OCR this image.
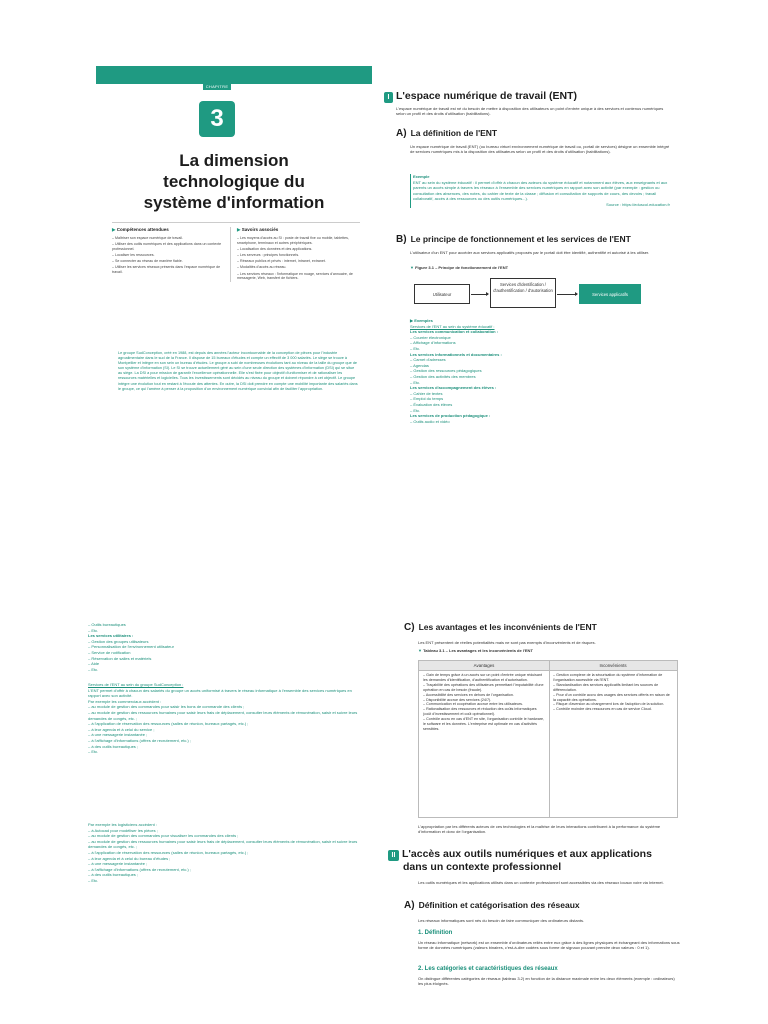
CHAPITRE
3
La dimension
technologique du
système d'information
▶ Compétences attendues
– Maîtriser son espace numérique de travail.
– Utiliser des outils numériques et des applications dans un contexte professionnel.
– Localiser les ressources.
– Se connecter au réseau de manière fiable.
– Utiliser les services réseaux présents dans l'espace numérique de travail.
▶ Savoirs associés
– Les moyens d'accès au SI : poste de travail fixe ou mobile, tablettes, smartphone, terminaux et autres périphériques.
– Localisation des données et des applications.
– Les serveurs : principes fonctionnels.
– Réseaux publics et privés : internet, intranet, extranet.
– Modalités d'accès au réseau.
– Les services réseaux : l'informatique en nuage, services d'annuaire, de messagerie, Web, transfert de fichiers.

Le groupe SudConception, créé en 1988, est depuis des années l'acteur incontournable de la conception de pièces pour l'industrie agroalimentaire dans le sud de la France. Il dispose de 15 bureaux d'études et compte un effectif de 3 000 salariés. Le siège se trouve à Montpellier et intègre en son sein un bureau d'études. Le groupe a subi de nombreuses évolutions tant au niveau de la taille du groupe que de son système d'information (SI). Le SI se trouve actuellement géré au sein d'une seule direction des systèmes d'information (DSI) qui se situe au siège. La DSI a pour mission de garantir l'excellence opérationnelle. Elle s'est fixée pour objectif d'uniformiser et de rationaliser les ressources matérielles et logicielles. Tous les investissements sont décidés au niveau du groupe et doivent répondre à cet objectif. Le groupe intègre une évolution tout en restant à l'écoute des attentes. En outre, la DSI doit prendre en compte une mobilité importante des salariés dans le groupe, ce qui l'amène à penser à la proposition d'un environnement numérique convivial afin de faciliter l'appropriation.

I L'espace numérique de travail (ENT)

L'espace numérique de travail est né du besoin de mettre à disposition des utilisateurs un point d'entrée unique à des services et contenus numériques selon un profil et des droits d'utilisation (habilitations).

A) La définition de l'ENT

Un espace numérique de travail (ENT) (ou bureau virtuel environnement numérique de travail ou, portail de services) désigne un ensemble intégré de services numériques mis à la disposition des utilisateurs selon un profil et des droits d'utilisation (habilitations).

Exemple

ENT au sein du système éducatif : il permet d'offrir à chacun des acteurs du système éducatif et notamment aux élèves, aux enseignants et aux parents un accès simple à travers les réseaux à l'ensemble des services numériques en rapport avec son activité (par exemple : gestion ou consultation des absences, des notes, du cahier de texte de la classe ; diffusion et consultation de supports de cours, des devoirs ; travail collaboratif, accès à des ressources ou des outils numériques...).

Source : https://eduscol.education.fr

B) Le principe de fonctionnement et les services de l'ENT

L'utilisateur d'un ENT pour accéder aux services applicatifs proposés par le portail doit être identifié, authentifié et autorisé à les utiliser.

▼ Figure 3.1 – Principe de fonctionnement de l'ENT
Utilisateur
Services d'identification / d'authentification / d'autorisation
Services applicatifs
▶ Exemples
Services de l'ENT au sein du système éducatif :
Les services communication et collaboration :
– Courrier électronique
– Affichage d'informations
– Etc.
Les services informationnels et documentaires :
– Carnet d'adresses
– Agendas
– Gestion des ressources pédagogiques
– Gestion des activités des membres
– Etc.
Les services d'accompagnement des élèves :
– Cahier de textes
– Emploi du temps
– Évaluation des élèves
– Etc.
Les services de production pédagogique :
– Outils audio et vidéo
– Outils bureautiques
– Etc.
Les services utilitaires :
– Gestion des groupes utilisateurs
– Personnalisation de l'environnement utilisateur
– Service de notification
– Réservation de salles et matériels
– Aide
– Etc.
Services de l'ENT au sein du groupe SudConception :
L'ENT permet d'offrir à chacun des salariés du groupe un accès uniformisé à travers le réseau informatique à l'ensemble des services numériques en rapport avec son activité.
Par exemple les commerciaux accèdent :
– au module de gestion des commandes pour saisir les bons de commande des clients ;
– au module de gestion des ressources humaines pour saisir leurs frais de déplacement, consulter leurs éléments de rémunération, saisir et suivre leurs demandes de congés, etc. ;
– à l'application de réservation des ressources (salles de réunion, bureaux partagés, etc.) ;
– à leur agenda et à celui du service ;
– à une messagerie instantanée ;
– à l'affichage d'informations (offres de recrutement, etc.) ;
– à des outils bureautiques ;
– Etc.
Par exemple les logisticiens accèdent :
– à Autocad pour modéliser les pièces ;
– au module de gestion des commandes pour visualiser les commandes des clients ;
– au module de gestion des ressources humaines pour saisir leurs frais de déplacement, consulter leurs éléments de rémunération, saisir et suivre leurs demandes de congés, etc. ;
– à l'application de réservation des ressources (salles de réunion, bureaux partagés, etc.) ;
– à leur agenda et à celui du bureau d'études ;
– à une messagerie instantanée ;
– à l'affichage d'informations (offres de recrutement, etc.) ;
– à des outils bureautiques ;
– Etc.
C) Les avantages et les inconvénients de l'ENT

Les ENT présentent de réelles potentialités mais ne sont pas exempts d'inconvénients et de risques.

▼ Tableau 3.1 – Les avantages et les inconvénients de l'ENT
Avantages	Inconvénients
– Gain de temps grâce à un accès sur un point d'entrée unique réduisant les demandes d'identification, d'authentification et d'autorisation.
– Traçabilité des opérations des utilisateurs permettant l'imputabilité d'une opération en cas de besoin (fraude).
– Accessibilité des services en dehors de l'organisation.
– Disponibilité accrue des services (24/7).
– Communication et coopération accrue entre les utilisateurs.
– Rationalisation des ressources et réduction des coûts informatiques (coût d'investissement et coût opérationnel).
– Contrôle accru en cas d'ENT en site, l'organisation contrôle le hardware, le software et les données. L'entreprise est optimale en cas d'activités sensibles.
– Gestion complexe de la sécurisation du système d'information de l'organisation accessible via l'ENT.
– Standardisation des services applicatifs limitant les sources de différenciation.
– Pour d'un contrôle accru des usages des services offerts en raison de la capacité des opérations.
– Risque d'aversion au changement lors de l'adoption de la solution.
– Contrôle moindre des ressources en cas de service Cloud.

L'appropriation par les différents acteurs de ces technologies et la maîtrise de leurs interactions contribuent à la performance du système d'information et donc de l'organisation.

II L'accès aux outils numériques et aux applications
dans un contexte professionnel

Les outils numériques et les applications utilisés dans un contexte professionnel sont accessibles via des réseaux locaux voire via Internet.

A) Définition et catégorisation des réseaux

Les réseaux informatiques sont nés du besoin de faire communiquer des ordinateurs distants.

1. Définition

Un réseau informatique (network) est un ensemble d'ordinateurs reliés entre eux grâce à des lignes physiques et échangeant des informations sous forme de données numériques (valeurs binaires, c'est-à-dire codées sous forme de signaux pouvant prendre deux valeurs : 0 et 1).

2. Les catégories et caractéristiques des réseaux

On distingue différentes catégories de réseaux (tableau 3.2) en fonction de la distance maximale entre les deux éléments (exemple : ordinateurs) les plus éloignés.
